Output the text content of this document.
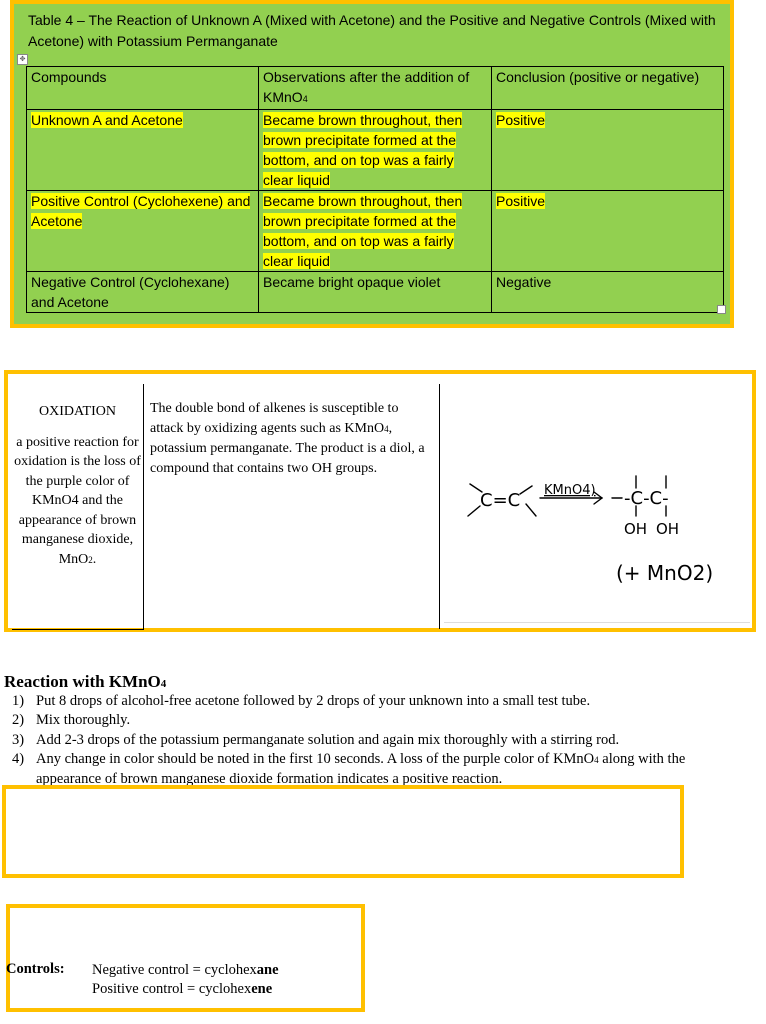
Table 4 – The Reaction of Unknown A (Mixed with Acetone) and the Positive and Negative Controls (Mixed with Acetone) with Potassium Permanganate
✥
Compounds	Observations after the addition of KMnO4	Conclusion (positive or negative)
Unknown A and Acetone	Became brown throughout, then brown precipitate formed at the bottom, and on top was a fairly clear liquid	Positive
Positive Control (Cyclohexene) and Acetone	Became brown throughout, then brown precipitate formed at the bottom, and on top was a fairly clear liquid	Positive
Negative Control (Cyclohexane) and Acetone	Became bright opaque violet	Negative
OXIDATION
a positive reaction for oxidation is the loss of the purple color of KMnO4 and the appearance of brown manganese dioxide, MnO2.
The double bond of alkenes is susceptible to attack by oxidizing agents such as KMnO4, potassium permanganate. The product is a diol, a compound that contains two OH groups.
C=C KMnO4) -C-C-
OH OH
(+ MnO2)
Reaction with KMnO4
1) Put 8 drops of alcohol-free acetone followed by 2 drops of your unknown into a small test tube.
2) Mix thoroughly.
3) Add 2-3 drops of the potassium permanganate solution and again mix thoroughly with a stirring rod.
4) Any change in color should be noted in the first 10 seconds. A loss of the purple color of KMnO4 along with the appearance of brown manganese dioxide formation indicates a positive reaction.
Controls: Negative control = cyclohexane
Positive control = cyclohexene
